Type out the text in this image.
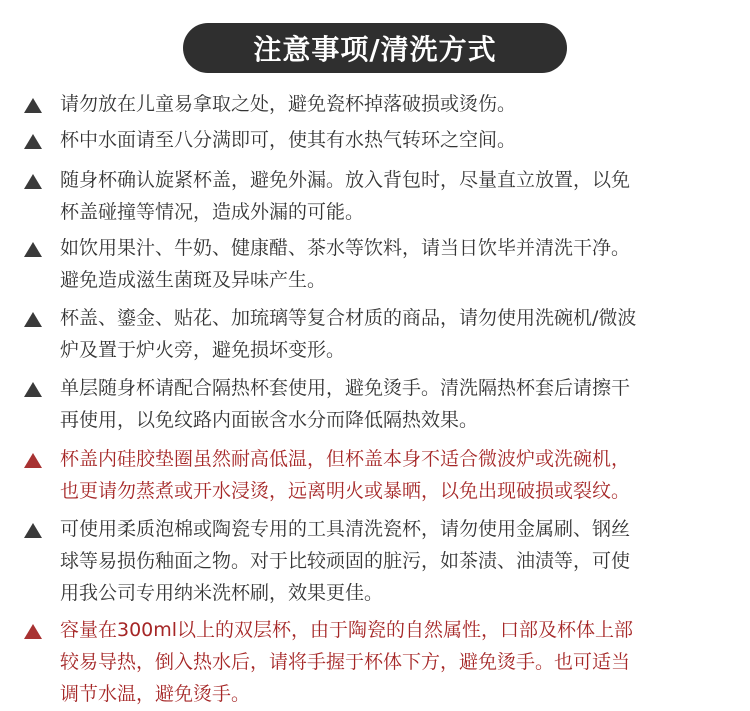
注意事项/清洗方式
请勿放在儿童易拿取之处，避免瓷杯掉落破损或烫伤。
杯中水面请至八分满即可，使其有水热气转环之空间。
随身杯确认旋紧杯盖，避免外漏。放入背包时，尽量直立放置，以免
杯盖碰撞等情况，造成外漏的可能。
如饮用果汁、牛奶、健康醋、茶水等饮料，请当日饮毕并清洗干净。
避免造成滋生菌斑及异味产生。
杯盖、鎏金、贴花、加琉璃等复合材质的商品，请勿使用洗碗机/微波
炉及置于炉火旁，避免损坏变形。
单层随身杯请配合隔热杯套使用，避免烫手。清洗隔热杯套后请擦干
再使用，以免纹路内面嵌含水分而降低隔热效果。
杯盖内硅胶垫圈虽然耐高低温，但杯盖本身不适合微波炉或洗碗机，
也更请勿蒸煮或开水浸烫，远离明火或暴晒，以免出现破损或裂纹。
可使用柔质泡棉或陶瓷专用的工具清洗瓷杯，请勿使用金属刷、钢丝
球等易损伤釉面之物。对于比较顽固的脏污，如茶渍、油渍等，可使
用我公司专用纳米洗杯刷，效果更佳。
容量在300ml以上的双层杯，由于陶瓷的自然属性，口部及杯体上部
较易导热，倒入热水后，请将手握于杯体下方，避免烫手。也可适当
调节水温，避免烫手。
